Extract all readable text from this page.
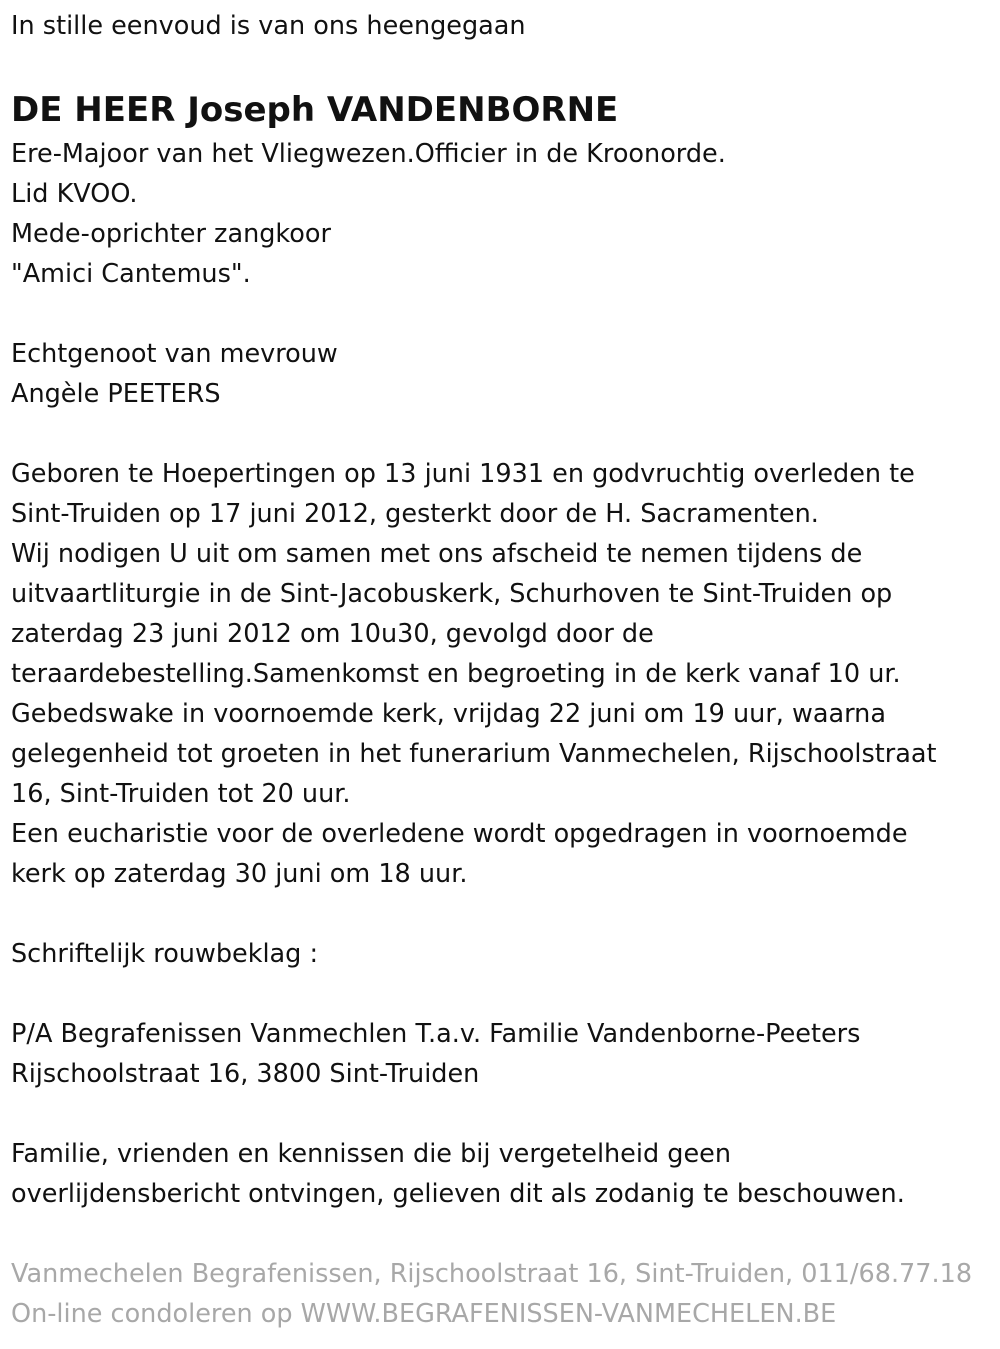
In stille eenvoud is van ons heengegaan

DE HEER Joseph VANDENBORNE

Ere-Majoor van het Vliegwezen.Officier in de Kroonorde.

Lid KVOO.

Mede-oprichter zangkoor

"Amici Cantemus".

Echtgenoot van mevrouw

Angèle PEETERS

Geboren te Hoepertingen op 13 juni 1931 en godvruchtig overleden te

Sint-Truiden op 17 juni 2012, gesterkt door de H. Sacramenten.

Wij nodigen U uit om samen met ons afscheid te nemen tijdens de

uitvaartliturgie in de Sint-Jacobuskerk, Schurhoven te Sint-Truiden op

zaterdag 23 juni 2012 om 10u30, gevolgd door de

teraardebestelling.Samenkomst en begroeting in de kerk vanaf 10 ur.

Gebedswake in voornoemde kerk, vrijdag 22 juni om 19 uur, waarna

gelegenheid tot groeten in het funerarium Vanmechelen, Rijschoolstraat

16, Sint-Truiden tot 20 uur.

Een eucharistie voor de overledene wordt opgedragen in voornoemde

kerk op zaterdag 30 juni om 18 uur.

Schriftelijk rouwbeklag :

P/A Begrafenissen Vanmechlen T.a.v. Familie Vandenborne-Peeters

Rijschoolstraat 16, 3800 Sint-Truiden

Familie, vrienden en kennissen die bij vergetelheid geen

overlijdensbericht ontvingen, gelieven dit als zodanig te beschouwen.

Vanmechelen Begrafenissen, Rijschoolstraat 16, Sint-Truiden, 011/68.77.18

On-line condoleren op WWW.BEGRAFENISSEN-VANMECHELEN.BE
